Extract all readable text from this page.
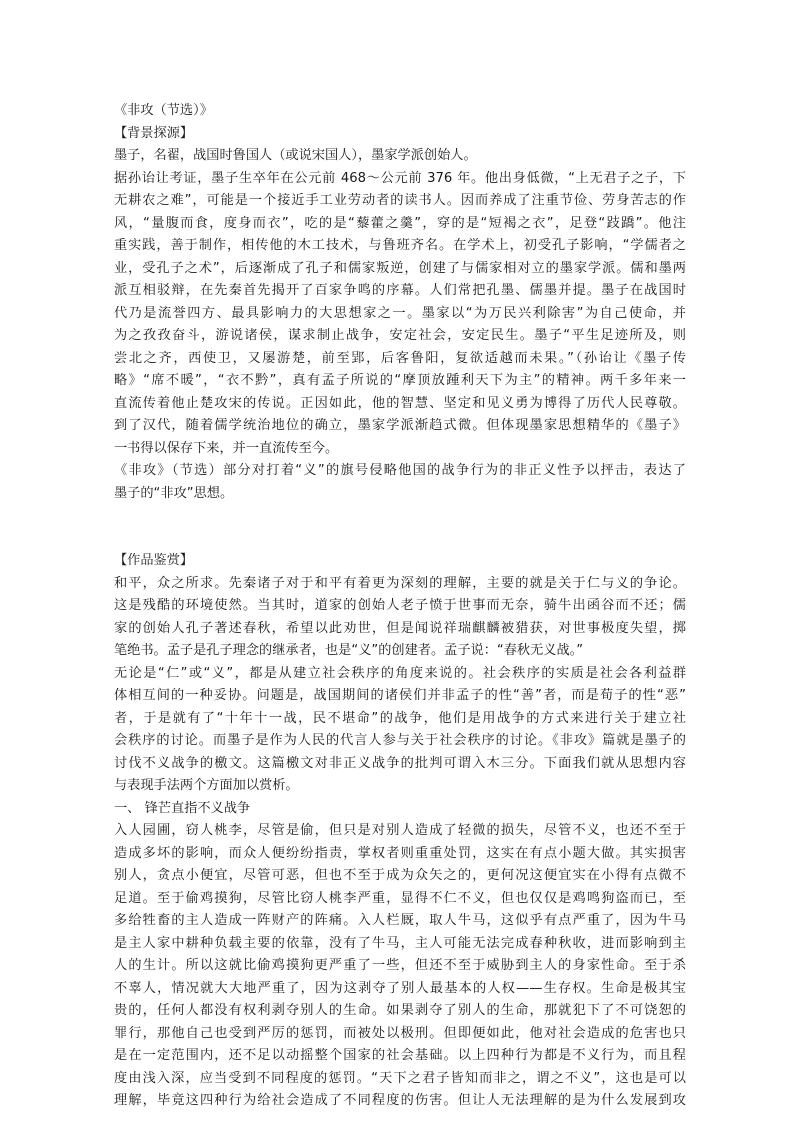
《非攻（节选）》
【背景探源】
墨子，名翟，战国时鲁国人（或说宋国人），墨家学派创始人。
据孙诒让考证，墨子生卒年在公元前 468～公元前 376 年。他出身低微，“上无君子之子，下
无耕农之难”，可能是一个接近手工业劳动者的读书人。因而养成了注重节俭、劳身苦志的作
风，“量腹而食，度身而衣”，吃的是“藜藿之羹”，穿的是“短褐之衣”，足登“跂蹻”。他注
重实践，善于制作，相传他的木工技术，与鲁班齐名。在学术上，初受孔子影响，“学儒者之
业，受孔子之术”，后逐渐成了孔子和儒家叛逆，创建了与儒家相对立的墨家学派。儒和墨两
派互相驳辩，在先秦首先揭开了百家争鸣的序幕。人们常把孔墨、儒墨并提。墨子在战国时
代乃是流誉四方、最具影响力的大思想家之一。墨家以“为万民兴利除害”为自己使命，并
为之孜孜奋斗，游说诸侯，谋求制止战争，安定社会，安定民生。墨子“平生足迹所及，则
尝北之齐，西使卫，又屡游楚，前至郢，后客鲁阳，复欲适越而未果。”（孙诒让《墨子传
略》“席不暖”，“衣不黔”，真有孟子所说的“摩顶放踵利天下为主”的精神。两千多年来一
直流传着他止楚攻宋的传说。正因如此，他的智慧、坚定和见义勇为博得了历代人民尊敬。
到了汉代，随着儒学统治地位的确立，墨家学派渐趋式微。但体现墨家思想精华的《墨子》
一书得以保存下来，并一直流传至今。
《非攻》（节选）部分对打着“义”的旗号侵略他国的战争行为的非正义性予以抨击，表达了
墨子的“非攻”思想。
【作品鉴赏】
和平，众之所求。先秦诸子对于和平有着更为深刻的理解，主要的就是关于仁与义的争论。
这是残酷的环境使然。当其时，道家的创始人老子愤于世事而无奈，骑牛出函谷而不还；儒
家的创始人孔子著述春秋，希望以此劝世，但是闻说祥瑞麒麟被猎获，对世事极度失望，掷
笔绝书。孟子是孔子理念的继承者，也是“义”的创建者。孟子说：“春秋无义战。”
无论是“仁”或“义”，都是从建立社会秩序的角度来说的。社会秩序的实质是社会各利益群
体相互间的一种妥协。问题是，战国期间的诸侯们并非孟子的性“善”者，而是荀子的性“恶”
者，于是就有了“十年十一战，民不堪命”的战争，他们是用战争的方式来进行关于建立社
会秩序的讨论。而墨子是作为人民的代言人参与关于社会秩序的讨论。《非攻》篇就是墨子的
讨伐不义战争的檄文。这篇檄文对非正义战争的批判可谓入木三分。下面我们就从思想内容
与表现手法两个方面加以赏析。
一、 锋芒直指不义战争
入人园圃，窃人桃李，尽管是偷，但只是对别人造成了轻微的损失，尽管不义，也还不至于
造成多坏的影响，而众人便纷纷指责，掌权者则重重处罚，这实在有点小题大做。其实损害
别人，贪点小便宜，尽管可恶，但也不至于成为众矢之的，更何况这便宜实在小得有点微不
足道。至于偷鸡摸狗，尽管比窃人桃李严重，显得不仁不义，但也仅仅是鸡鸣狗盗而已，至
多给牲畜的主人造成一阵财产的阵痛。入人栏厩，取人牛马，这似乎有点严重了，因为牛马
是主人家中耕种负载主要的依靠，没有了牛马，主人可能无法完成春种秋收，进而影响到主
人的生计。所以这就比偷鸡摸狗更严重了一些，但还不至于威胁到主人的身家性命。至于杀
不辜人，情况就大大地严重了，因为这剥夺了别人最基本的人权——生存权。生命是极其宝
贵的，任何人都没有权利剥夺别人的生命。如果剥夺了别人的生命，那就犯下了不可饶恕的
罪行，那他自己也受到严厉的惩罚，而被处以极刑。但即便如此，他对社会造成的危害也只
是在一定范围内，还不足以动摇整个国家的社会基础。以上四种行为都是不义行为，而且程
度由浅入深，应当受到不同程度的惩罚。“天下之君子皆知而非之，谓之不义”，这也是可以
理解，毕竟这四种行为给社会造成了不同程度的伤害。但让人无法理解的是为什么发展到攻
